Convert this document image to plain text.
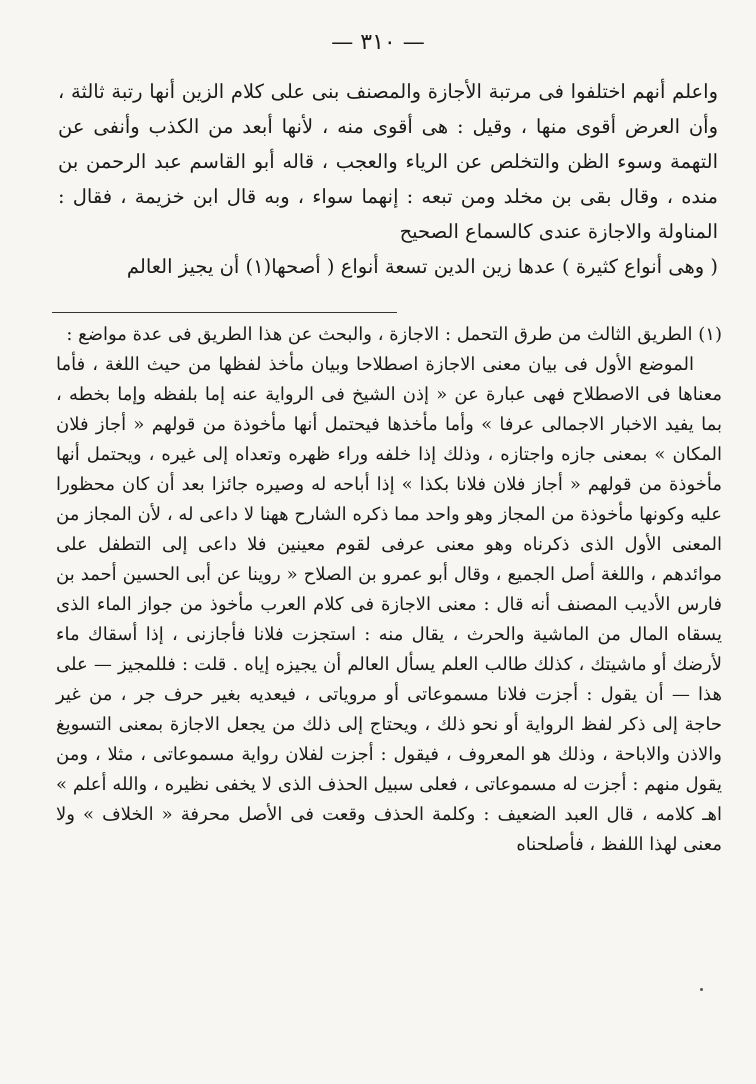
— ٣١٠ —

واعلم أنهم اختلفوا فى مرتبة الأجازة والمصنف بنى على كلام الزين أنها رتبة ثالثة ، وأن العرض أقوى منها ، وقيل : هى أقوى منه ، لأنها أبعد من الكذب وأنفى عن التهمة وسوء الظن والتخلص عن الرياء والعجب ، قاله أبو القاسم عبد الرحمن بن منده ، وقال بقى بن مخلد ومن تبعه : إنهما سواء ، وبه قال ابن خزيمة ، فقال : المناولة والاجازة عندى كالسماع الصحيح

( وهى أنواع كثيرة ) عدها زين الدين تسعة أنواع ( أصحها(١) أن يجيز العالم

(١) الطريق الثالث من طرق التحمل : الاجازة ، والبحث عن هذا الطريق فى عدة مواضع :

الموضع الأول فى بيان معنى الاجازة اصطلاحا وبيان مأخذ لفظها من حيث اللغة ، فأما معناها فى الاصطلاح فهى عبارة عن « إذن الشيخ فى الرواية عنه إما بلفظه وإما بخطه ، بما يفيد الاخبار الاجمالى عرفا » وأما مأخذها فيحتمل أنها مأخوذة من قولهم « أجاز فلان المكان » بمعنى جازه واجتازه ، وذلك إذا خلفه وراء ظهره وتعداه إلى غيره ، ويحتمل أنها مأخوذة من قولهم « أجاز فلان فلانا بكذا » إذا أباحه له وصيره جائزا بعد أن كان محظورا عليه وكونها مأخوذة من المجاز وهو واحد مما ذكره الشارح ههنا لا داعى له ، لأن المجاز من المعنى الأول الذى ذكرناه وهو معنى عرفى لقوم معينين فلا داعى إلى التطفل على موائدهم ، واللغة أصل الجميع ، وقال أبو عمرو بن الصلاح « روينا عن أبى الحسين أحمد بن فارس الأديب المصنف أنه قال : معنى الاجازة فى كلام العرب مأخوذ من جواز الماء الذى يسقاه المال من الماشية والحرث ، يقال منه : استجزت فلانا فأجازنى ، إذا أسقاك ماء لأرضك أو ماشيتك ، كذلك طالب العلم يسأل العالم أن يجيزه إياه . قلت : فللمجيز — على هذا — أن يقول : أجزت فلانا مسموعاتى أو مروياتى ، فيعديه بغير حرف جر ، من غير حاجة إلى ذكر لفظ الرواية أو نحو ذلك ، ويحتاج إلى ذلك من يجعل الاجازة بمعنى التسويغ والاذن والاباحة ، وذلك هو المعروف ، فيقول : أجزت لفلان رواية مسموعاتى ، مثلا ، ومن يقول منهم : أجزت له مسموعاتى ، فعلى سبيل الحذف الذى لا يخفى نظيره ، والله أعلم » اهـ كلامه ، قال العبد الضعيف : وكلمة الحذف وقعت فى الأصل محرفة « الخلاف » ولا معنى لهذا اللفظ ، فأصلحناه
